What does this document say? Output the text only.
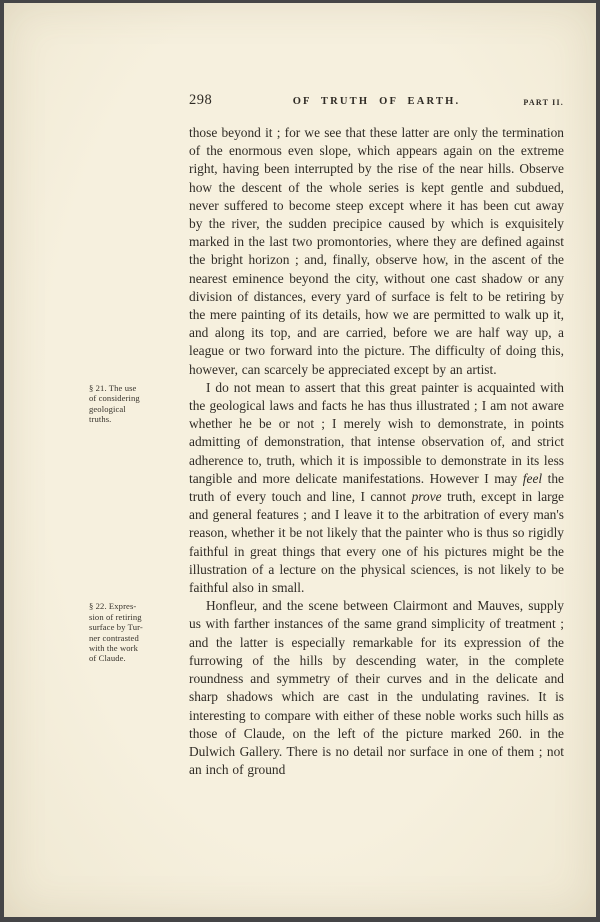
298	OF TRUTH OF EARTH.	PART II.

those beyond it ; for we see that these latter are only the termination of the enormous even slope, which appears again on the extreme right, having been interrupted by the rise of the near hills. Observe how the descent of the whole series is kept gentle and subdued, never suffered to become steep except where it has been cut away by the river, the sudden precipice caused by which is exquisitely marked in the last two promontories, where they are defined against the bright horizon ; and, finally, observe how, in the ascent of the nearest eminence beyond the city, without one cast shadow or any division of distances, every yard of surface is felt to be retiring by the mere painting of its details, how we are permitted to walk up it, and along its top, and are carried, before we are half way up, a league or two forward into the picture. The difficulty of doing this, however, can scarcely be appreciated except by an artist.

§ 21. The use
of considering
geological
truths.
I do not mean to assert that this great painter is acquainted with the geological laws and facts he has thus illustrated ; I am not aware whether he be or not ; I merely wish to demonstrate, in points admitting of demonstration, that intense observation of, and strict adherence to, truth, which it is impossible to demonstrate in its less tangible and more delicate manifestations. However I may feel the truth of every touch and line, I cannot prove truth, except in large and general features ; and I leave it to the arbitration of every man's reason, whether it be not likely that the painter who is thus so rigidly faithful in great things that every one of his pictures might be the illustration of a lecture on the physical sciences, is not likely to be faithful also in small.

§ 22. Expres-
sion of retiring
surface by Tur-
ner contrasted
with the work
of Claude.
Honfleur, and the scene between Clairmont and Mauves, supply us with farther instances of the same grand simplicity of treatment ; and the latter is especially remarkable for its expression of the furrowing of the hills by descending water, in the complete roundness and symmetry of their curves and in the delicate and sharp shadows which are cast in the undulating ravines. It is interesting to compare with either of these noble works such hills as those of Claude, on the left of the picture marked 260. in the Dulwich Gallery. There is no detail nor surface in one of them ; not an inch of ground
